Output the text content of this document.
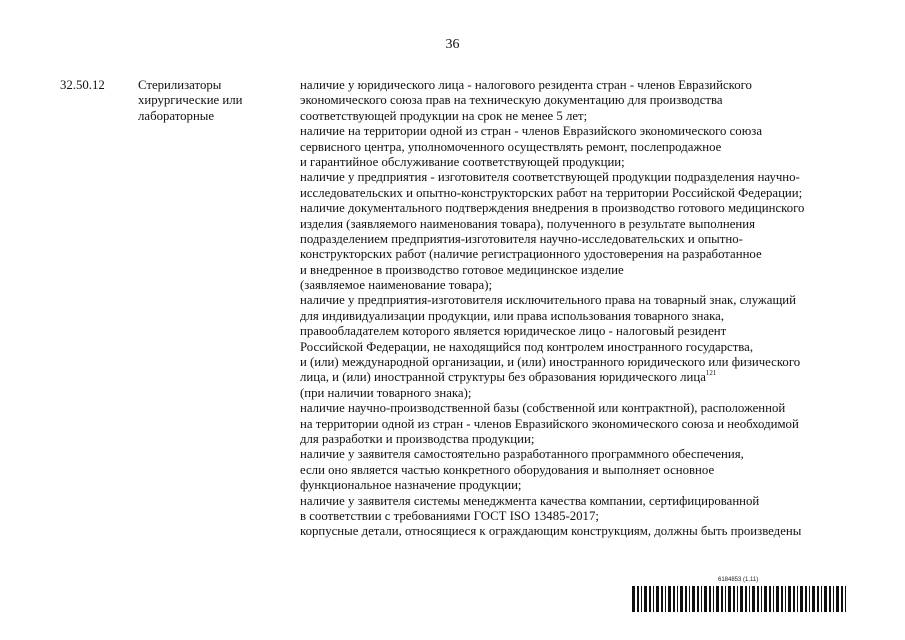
36
32.50.12	Стерилизаторы
хирургические или
лабораторные
наличие у юридического лица - налогового резидента стран - членов Евразийского
экономического союза прав на техническую документацию для производства
соответствующей продукции на срок не менее 5 лет;
наличие на территории одной из стран - членов Евразийского экономического союза
сервисного центра, уполномоченного осуществлять ремонт, послепродажное
и гарантийное обслуживание соответствующей продукции;
наличие у предприятия - изготовителя соответствующей продукции подразделения научно-
исследовательских и опытно-конструкторских работ на территории Российской Федерации;
наличие документального подтверждения внедрения в производство готового медицинского
изделия (заявляемого наименования товара), полученного в результате выполнения
подразделением предприятия-изготовителя научно-исследовательских и опытно-
конструкторских работ (наличие регистрационного удостоверения на разработанное
и внедренное в производство готовое медицинское изделие
(заявляемое наименование товара);
наличие у предприятия-изготовителя исключительного права на товарный знак, служащий
для индивидуализации продукции, или права использования товарного знака,
правообладателем которого является юридическое лицо - налоговый резидент
Российской Федерации, не находящийся под контролем иностранного государства,
и (или) международной организации, и (или) иностранного юридического или физического
лица, и (или) иностранной структуры без образования юридического лица$^{121}$
(при наличии товарного знака);
наличие научно-производственной базы (собственной или контрактной), расположенной
на территории одной из стран - членов Евразийского экономического союза и необходимой
для разработки и производства продукции;
наличие у заявителя самостоятельно разработанного программного обеспечения,
если оно является частью конкретного оборудования и выполняет основное
функциональное назначение продукции;
наличие у заявителя системы менеджмента качества компании, сертифицированной
в соответствии с требованиями ГОСТ ISO 13485-2017;
корпусные детали, относящиеся к ограждающим конструкциям, должны быть произведены
6184853 (1.11)
